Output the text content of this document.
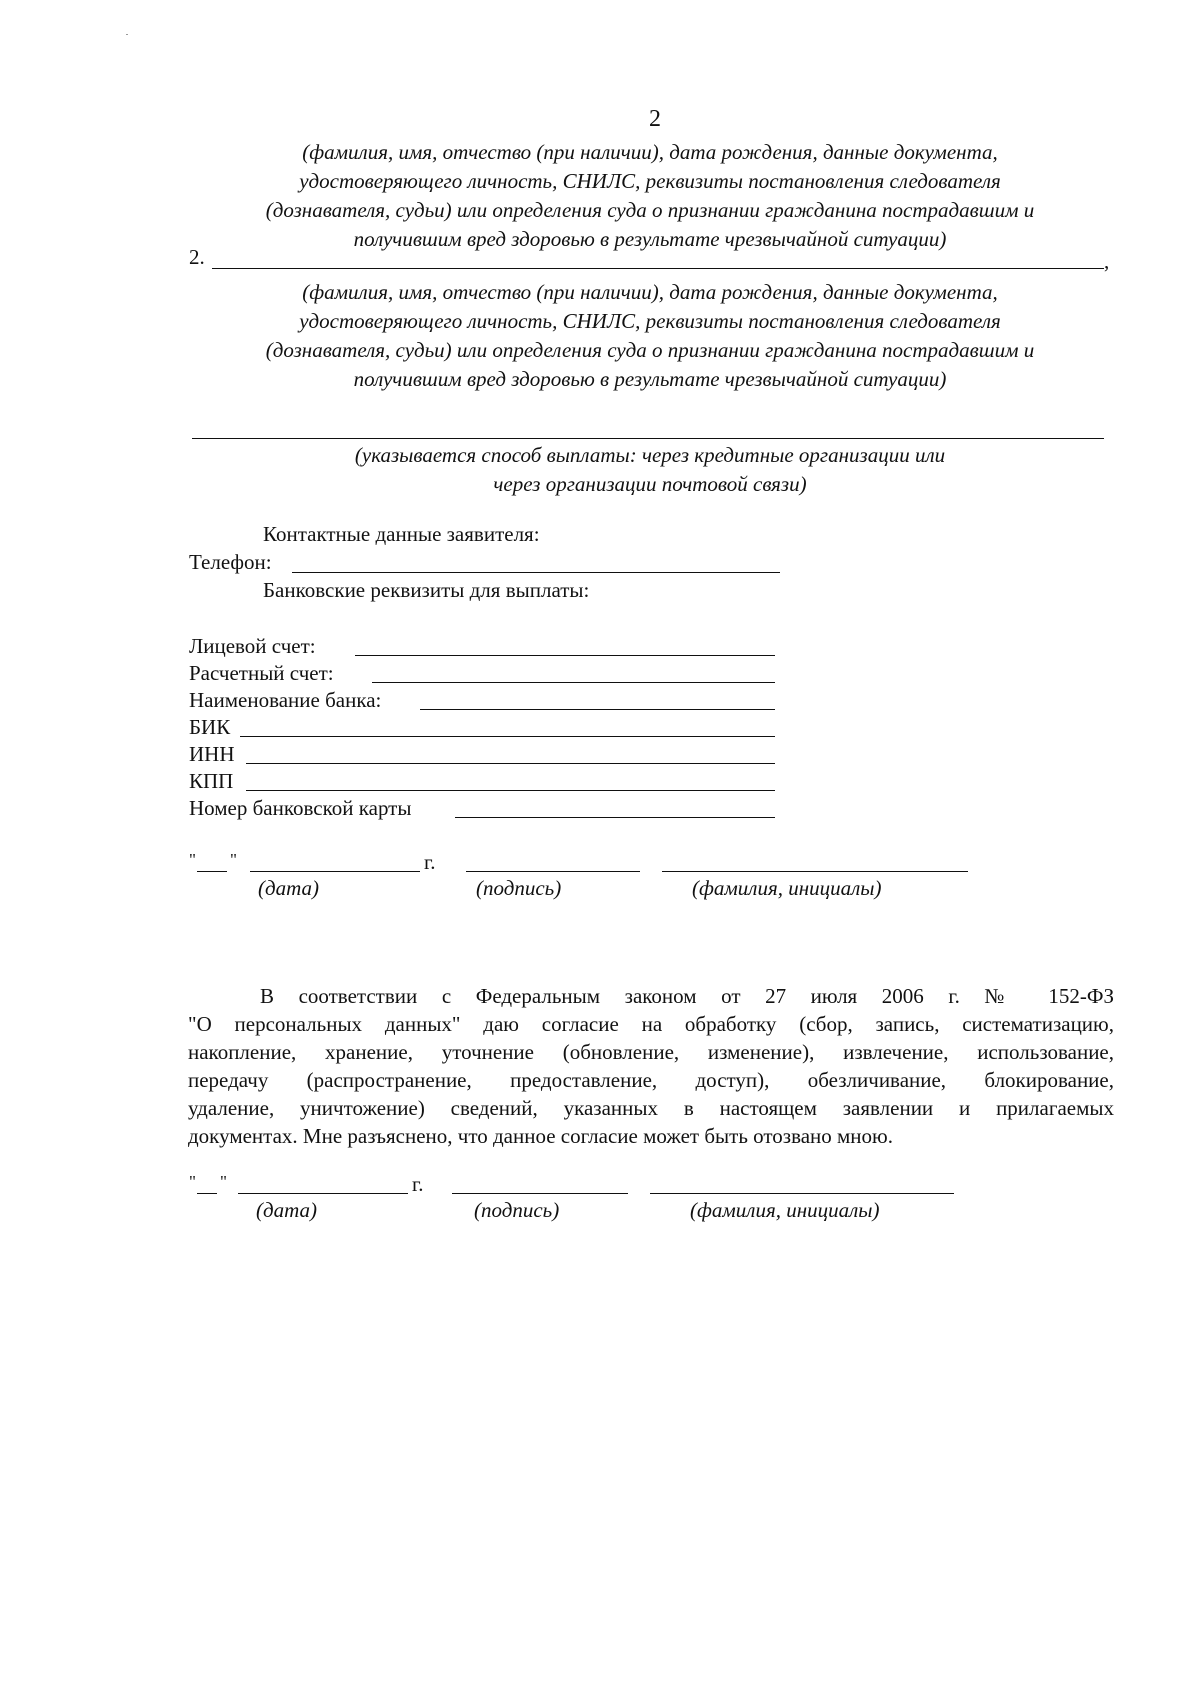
2
(фамилия, имя, отчество (при наличии), дата рождения, данные документа,
удостоверяющего личность, СНИЛС, реквизиты постановления следователя
(дознавателя, судьи) или определения суда о признании гражданина пострадавшим и
получившим вред здоровью в результате чрезвычайной ситуации)
2.	,
(фамилия, имя, отчество (при наличии), дата рождения, данные документа,
удостоверяющего личность, СНИЛС, реквизиты постановления следователя
(дознавателя, судьи) или определения суда о признании гражданина пострадавшим и
получившим вред здоровью в результате чрезвычайной ситуации)
(указывается способ выплаты: через кредитные организации или
через организации почтовой связи)
Контактные данные заявителя:
Телефон:
Банковские реквизиты для выплаты:
Лицевой счет:
Расчетный счет:
Наименование банка:
БИК
ИНН
КПП
Номер банковской карты
" "	г.
(дата)	(подпись)	(фамилия, инициалы)
В соответствии с Федеральным законом от 27 июля 2006 г. № 152-ФЗ
"О персональных данных" даю согласие на обработку (сбор, запись, систематизацию,
накопление, хранение, уточнение (обновление, изменение), извлечение, использование,
передачу (распространение, предоставление, доступ), обезличивание, блокирование,
удаление, уничтожение) сведений, указанных в настоящем заявлении и прилагаемых
документах. Мне разъяснено, что данное согласие может быть отозвано мною.
" "	г.
(дата)	(подпись)	(фамилия, инициалы)
